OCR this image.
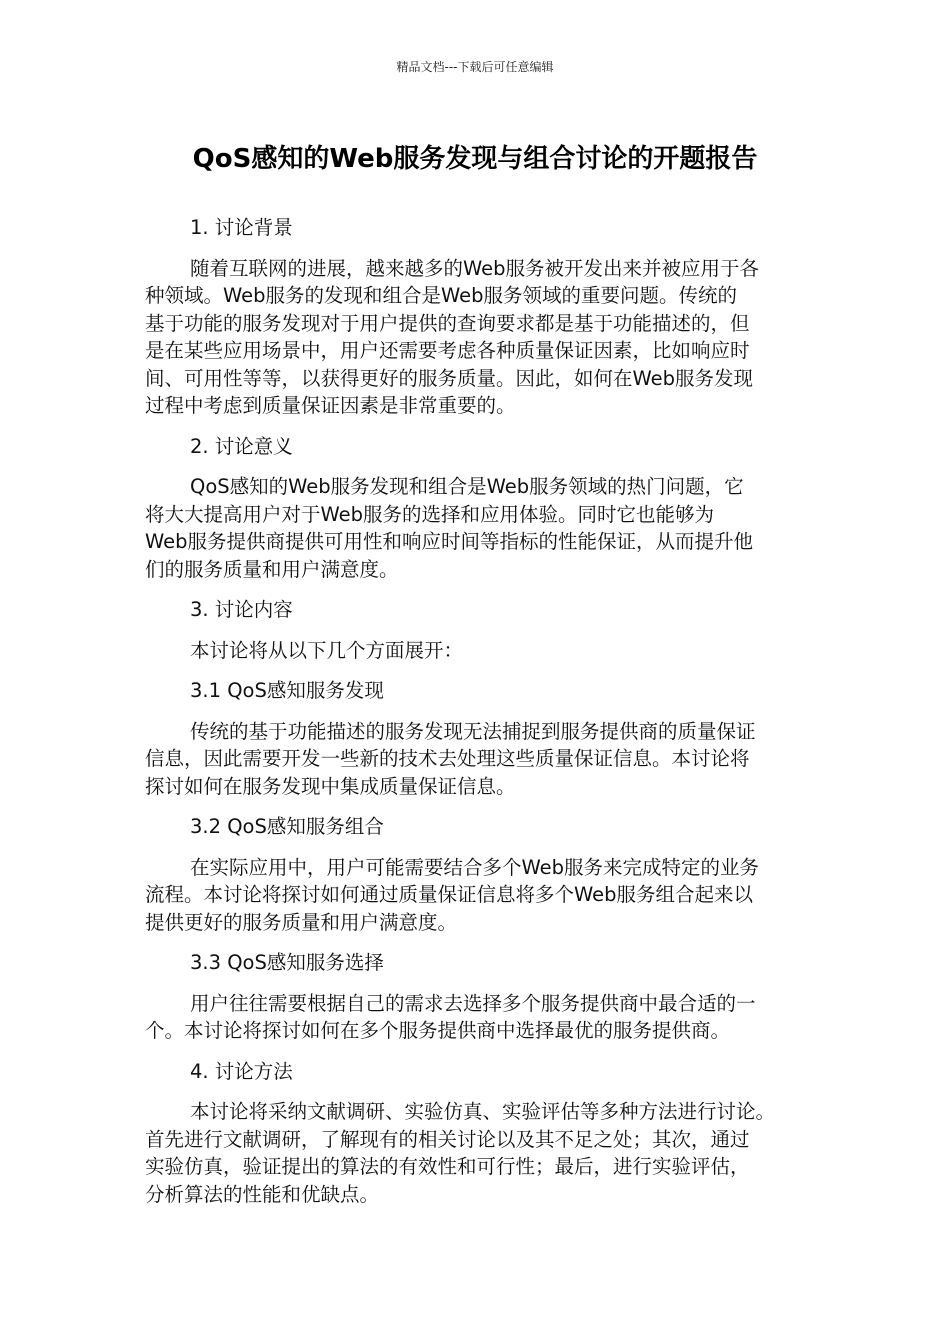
精品文档---下载后可任意编辑
QoS感知的Web服务发现与组合讨论的开题报告
1. 讨论背景
随着互联网的进展，越来越多的Web服务被开发出来并被应用于各
种领域。Web服务的发现和组合是Web服务领域的重要问题。传统的
基于功能的服务发现对于用户提供的查询要求都是基于功能描述的，但
是在某些应用场景中，用户还需要考虑各种质量保证因素，比如响应时
间、可用性等等，以获得更好的服务质量。因此，如何在Web服务发现
过程中考虑到质量保证因素是非常重要的。
2. 讨论意义
QoS感知的Web服务发现和组合是Web服务领域的热门问题，它
将大大提高用户对于Web服务的选择和应用体验。同时它也能够为
Web服务提供商提供可用性和响应时间等指标的性能保证，从而提升他
们的服务质量和用户满意度。
3. 讨论内容
本讨论将从以下几个方面展开：
3.1 QoS感知服务发现
传统的基于功能描述的服务发现无法捕捉到服务提供商的质量保证
信息，因此需要开发一些新的技术去处理这些质量保证信息。本讨论将
探讨如何在服务发现中集成质量保证信息。
3.2 QoS感知服务组合
在实际应用中，用户可能需要结合多个Web服务来完成特定的业务
流程。本讨论将探讨如何通过质量保证信息将多个Web服务组合起来以
提供更好的服务质量和用户满意度。
3.3 QoS感知服务选择
用户往往需要根据自己的需求去选择多个服务提供商中最合适的一
个。本讨论将探讨如何在多个服务提供商中选择最优的服务提供商。
4. 讨论方法
本讨论将采纳文献调研、实验仿真、实验评估等多种方法进行讨论。
首先进行文献调研，了解现有的相关讨论以及其不足之处；其次，通过
实验仿真，验证提出的算法的有效性和可行性；最后，进行实验评估，
分析算法的性能和优缺点。
